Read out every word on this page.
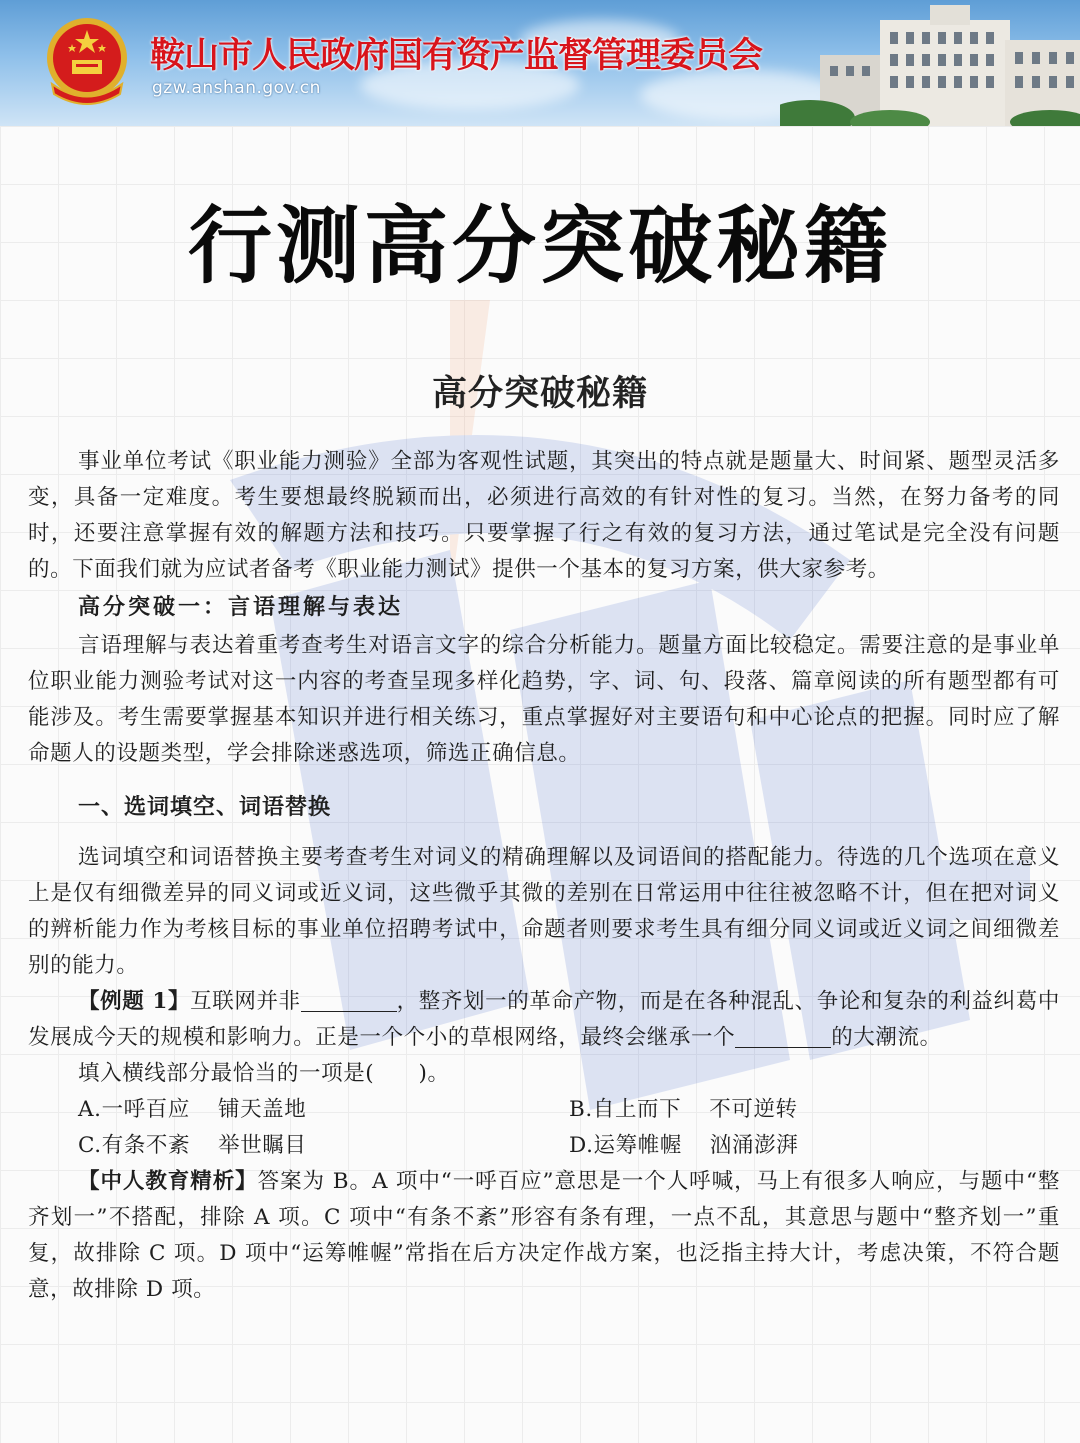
鞍山市人民政府国有资产监督管理委员会
gzw.anshan.gov.cn
行测高分突破秘籍
高分突破秘籍

事业单位考试《职业能力测验》全部为客观性试题，其突出的特点就是题量大、时间紧、题型灵活多变，具备一定难度。考生要想最终脱颖而出，必须进行高效的有针对性的复习。当然，在努力备考的同时，还要注意掌握有效的解题方法和技巧。只要掌握了行之有效的复习方法，通过笔试是完全没有问题的。下面我们就为应试者备考《职业能力测试》提供一个基本的复习方案，供大家参考。

高分突破一：言语理解与表达

言语理解与表达着重考查考生对语言文字的综合分析能力。题量方面比较稳定。需要注意的是事业单位职业能力测验考试对这一内容的考查呈现多样化趋势，字、词、句、段落、篇章阅读的所有题型都有可能涉及。考生需要掌握基本知识并进行相关练习，重点掌握好对主要语句和中心论点的把握。同时应了解命题人的设题类型，学会排除迷惑选项，筛选正确信息。

一、选词填空、词语替换

选词填空和词语替换主要考查考生对词义的精确理解以及词语间的搭配能力。待选的几个选项在意义上是仅有细微差异的同义词或近义词，这些微乎其微的差别在日常运用中往往被忽略不计，但在把对词义的辨析能力作为考核目标的事业单位招聘考试中，命题者则要求考生具有细分同义词或近义词之间细微差别的能力。

【例题 1】互联网并非	，整齐划一的革命产物，而是在各种混乱、争论和复杂的利益纠葛中发展成今天的规模和影响力。正是一个个小的草根网络，最终会继承一个	的大潮流。

填入横线部分最恰当的一项是(　　)。

A.一呼百应 铺天盖地	B.自上而下 不可逆转
C.有条不紊 举世瞩目	D.运筹帷幄 汹涌澎湃

【中人教育精析】答案为 B。A 项中“一呼百应”意思是一个人呼喊，马上有很多人响应，与题中“整齐划一”不搭配，排除 A 项。C 项中“有条不紊”形容有条有理，一点不乱，其意思与题中“整齐划一”重复，故排除 C 项。D 项中“运筹帷幄”常指在后方决定作战方案，也泛指主持大计，考虑决策，不符合题意，故排除 D 项。
